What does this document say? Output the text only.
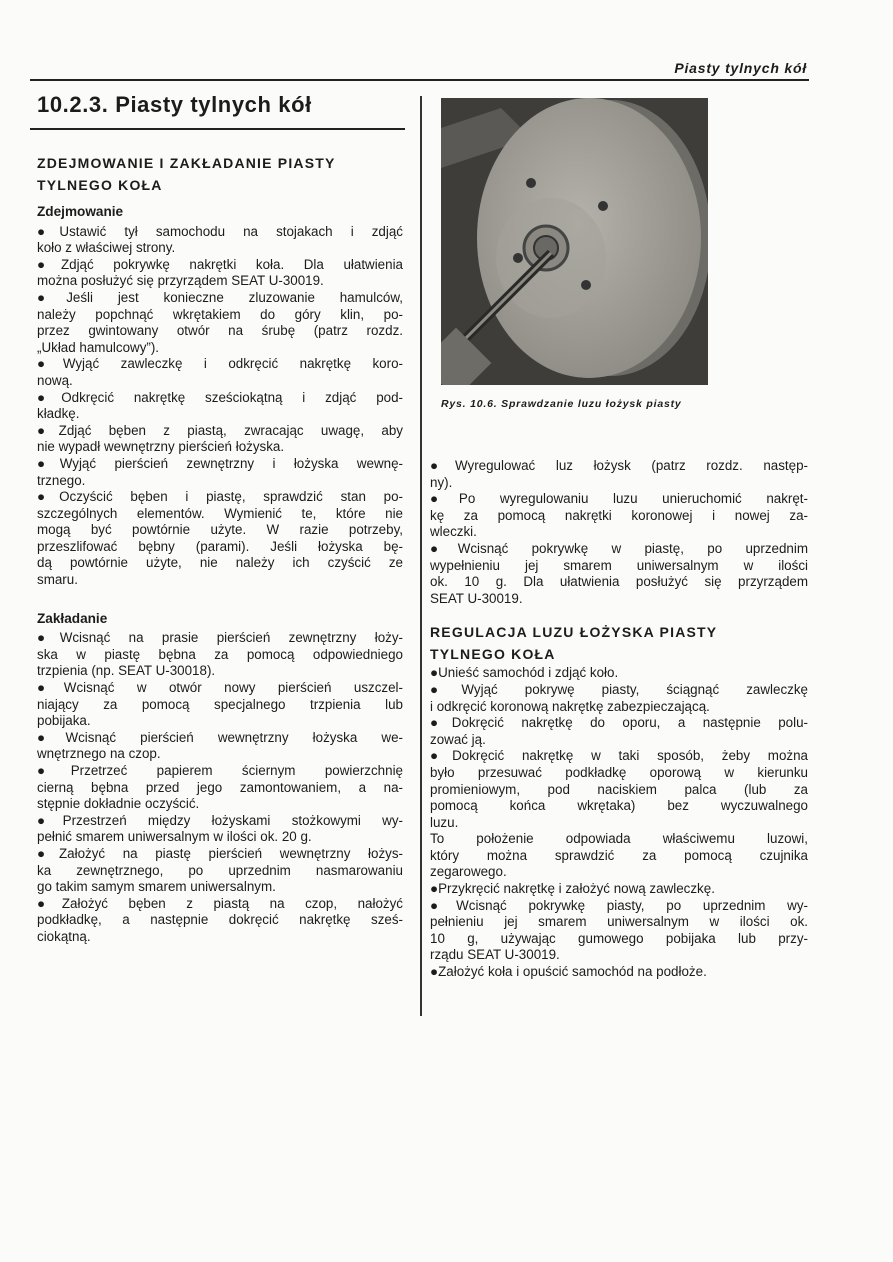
Piasty tylnych kół
10.2.3. Piasty tylnych kół
ZDEJMOWANIE I ZAKŁADANIE PIASTY
TYLNEGO KOŁA
Zdejmowanie
●Ustawić tył samochodu na stojakach i zdjąć
koło z właściwej strony.
●Zdjąć pokrywkę nakrętki koła. Dla ułatwienia
można posłużyć się przyrządem SEAT U-30019.
●Jeśli jest konieczne zluzowanie hamulców,
należy popchnąć wkrętakiem do góry klin, po-
przez gwintowany otwór na śrubę (patrz rozdz.
„Układ hamulcowy”).
●Wyjąć zawleczkę i odkręcić nakrętkę koro-
nową.
●Odkręcić nakrętkę sześciokątną i zdjąć pod-
kładkę.
●Zdjąć bęben z piastą, zwracając uwagę, aby
nie wypadł wewnętrzny pierścień łożyska.
●Wyjąć pierścień zewnętrzny i łożyska wewnę-
trznego.
●Oczyścić bęben i piastę, sprawdzić stan po-
szczególnych elementów. Wymienić te, które nie
mogą być powtórnie użyte. W razie potrzeby,
przeszlifować bębny (parami). Jeśli łożyska bę-
dą powtórnie użyte, nie należy ich czyścić ze
smaru.
Zakładanie
●Wcisnąć na prasie pierścień zewnętrzny łoży-
ska w piastę bębna za pomocą odpowiedniego
trzpienia (np. SEAT U-30018).
●Wcisnąć w otwór nowy pierścień uszczel-
niający za pomocą specjalnego trzpienia lub
pobijaka.
●Wcisnąć pierścień wewnętrzny łożyska we-
wnętrznego na czop.
●Przetrzeć papierem ściernym powierzchnię
cierną bębna przed jego zamontowaniem, a na-
stępnie dokładnie oczyścić.
●Przestrzeń między łożyskami stożkowymi wy-
pełnić smarem uniwersalnym w ilości ok. 20 g.
●Założyć na piastę pierścień wewnętrzny łożys-
ka zewnętrznego, po uprzednim nasmarowaniu
go takim samym smarem uniwersalnym.
●Założyć bęben z piastą na czop, nałożyć
podkładkę, a następnie dokręcić nakrętkę sześ-
ciokątną.
●Wyregulować luz łożysk (patrz rozdz. następ-
ny).
●Po wyregulowaniu luzu unieruchomić nakręt-
kę za pomocą nakrętki koronowej i nowej za-
wleczki.
●Wcisnąć pokrywkę w piastę, po uprzednim
wypełnieniu jej smarem uniwersalnym w ilości
ok. 10 g. Dla ułatwienia posłużyć się przyrządem
SEAT U-30019.
REGULACJA LUZU ŁOŻYSKA PIASTY
TYLNEGO KOŁA
●Unieść samochód i zdjąć koło.
●Wyjąć pokrywę piasty, ściągnąć zawleczkę
i odkręcić koronową nakrętkę zabezpieczającą.
●Dokręcić nakrętkę do oporu, a następnie polu-
zować ją.
●Dokręcić nakrętkę w taki sposób, żeby można
było przesuwać podkładkę oporową w kierunku
promieniowym, pod naciskiem palca (lub za
pomocą końca wkrętaka) bez wyczuwalnego
luzu.
To położenie odpowiada właściwemu luzowi,
który można sprawdzić za pomocą czujnika
zegarowego.
●Przykręcić nakrętkę i założyć nową zawleczkę.
●Wcisnąć pokrywkę piasty, po uprzednim wy-
pełnieniu jej smarem uniwersalnym w ilości ok.
10 g, używając gumowego pobijaka lub przy-
rządu SEAT U-30019.
●Założyć koła i opuścić samochód na podłoże.
Rys. 10.6. Sprawdzanie luzu łożysk piasty
